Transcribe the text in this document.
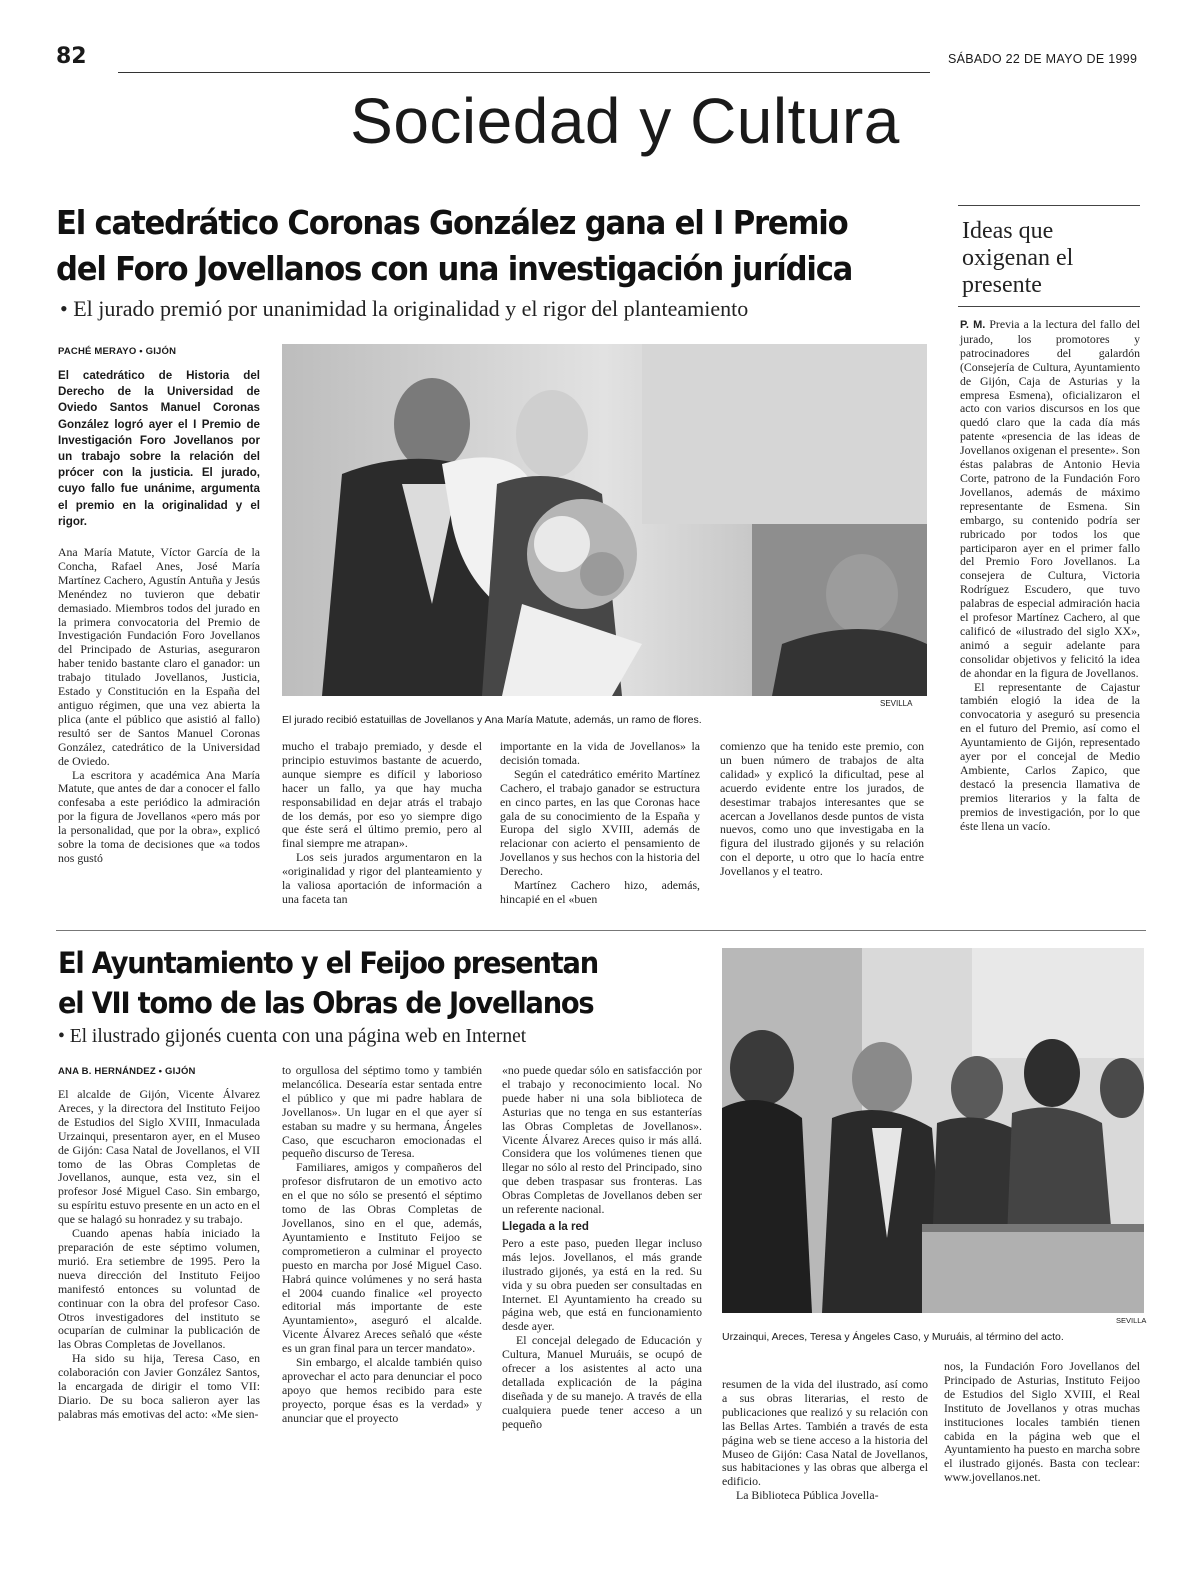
82	SÁBADO 22 DE MAYO DE 1999
Sociedad y Cultura
El catedrático Coronas González gana el I Premio
del Foro Jovellanos con una investigación jurídica
• El jurado premió por unanimidad la originalidad y el rigor del planteamiento
PACHÉ MERAYO • GIJÓN
El catedrático de Historia del Derecho de la Universidad de Oviedo Santos Manuel Coronas González logró ayer el I Premio de Investigación Foro Jovellanos por un trabajo sobre la relación del prócer con la justicia. El jurado, cuyo fallo fue unánime, argumenta el premio en la originalidad y el rigor.
SEVILLA
El jurado recibió estatuillas de Jovellanos y Ana María Matute, además, un ramo de flores.

Ana María Matute, Víctor García de la Concha, Rafael Anes, José María Martínez Cachero, Agustín Antuña y Jesús Menéndez no tuvieron que debatir demasiado. Miembros todos del jurado en la primera convocatoria del Premio de Investigación Fundación Foro Jovellanos del Principado de Asturias, aseguraron haber tenido bastante claro el ganador: un trabajo titulado Jovellanos, Justicia, Estado y Constitución en la España del antiguo régimen, que una vez abierta la plica (ante el público que asistió al fallo) resultó ser de Santos Manuel Coronas González, catedrático de la Universidad de Oviedo.

La escritora y académica Ana María Matute, que antes de dar a conocer el fallo confesaba a este periódico la admiración por la figura de Jovellanos «pero más por la personalidad, que por la obra», explicó sobre la toma de decisiones que «a todos nos gustó

mucho el trabajo premiado, y desde el principio estuvimos bastante de acuerdo, aunque siempre es difícil y laborioso hacer un fallo, ya que hay mucha responsabilidad en dejar atrás el trabajo de los demás, por eso yo siempre digo que éste será el último premio, pero al final siempre me atrapan».

Los seis jurados argumentaron en la «originalidad y rigor del planteamiento y la valiosa aportación de información a una faceta tan

importante en la vida de Jovellanos» la decisión tomada.

Según el catedrático emérito Martínez Cachero, el trabajo ganador se estructura en cinco partes, en las que Coronas hace gala de su conocimiento de la España y Europa del siglo XVIII, además de relacionar con acierto el pensamiento de Jovellanos y sus hechos con la historia del Derecho.

Martínez Cachero hizo, además, hincapié en el «buen

comienzo que ha tenido este premio, con un buen número de trabajos de alta calidad» y explicó la dificultad, pese al acuerdo evidente entre los jurados, de desestimar trabajos interesantes que se acercan a Jovellanos desde puntos de vista nuevos, como uno que investigaba en la figura del ilustrado gijonés y su relación con el deporte, u otro que lo hacía entre Jovellanos y el teatro.

Ideas que oxigenan el presente

P. M. Previa a la lectura del fallo del jurado, los promotores y patrocinadores del galardón (Consejería de Cultura, Ayuntamiento de Gijón, Caja de Asturias y la empresa Esmena), oficializaron el acto con varios discursos en los que quedó claro que la cada día más patente «presencia de las ideas de Jovellanos oxigenan el presente». Son éstas palabras de Antonio Hevia Corte, patrono de la Fundación Foro Jovellanos, además de máximo representante de Esmena. Sin embargo, su contenido podría ser rubricado por todos los que participaron ayer en el primer fallo del Premio Foro Jovellanos. La consejera de Cultura, Victoria Rodríguez Escudero, que tuvo palabras de especial admiración hacia el profesor Martínez Cachero, al que calificó de «ilustrado del siglo XX», animó a seguir adelante para consolidar objetivos y felicitó la idea de ahondar en la figura de Jovellanos.

El representante de Cajastur también elogió la idea de la convocatoria y aseguró su presencia en el futuro del Premio, así como el Ayuntamiento de Gijón, representado ayer por el concejal de Medio Ambiente, Carlos Zapico, que destacó la presencia llamativa de premios literarios y la falta de premios de investigación, por lo que éste llena un vacío.

El Ayuntamiento y el Feijoo presentan
el VII tomo de las Obras de Jovellanos
• El ilustrado gijonés cuenta con una página web en Internet
ANA B. HERNÁNDEZ • GIJÓN

El alcalde de Gijón, Vicente Álvarez Areces, y la directora del Instituto Feijoo de Estudios del Siglo XVIII, Inmaculada Urzainqui, presentaron ayer, en el Museo de Gijón: Casa Natal de Jovellanos, el VII tomo de las Obras Completas de Jovellanos, aunque, esta vez, sin el profesor José Miguel Caso. Sin embargo, su espíritu estuvo presente en un acto en el que se halagó su honradez y su trabajo.

Cuando apenas había iniciado la preparación de este séptimo volumen, murió. Era setiembre de 1995. Pero la nueva dirección del Instituto Feijoo manifestó entonces su voluntad de continuar con la obra del profesor Caso. Otros investigadores del instituto se ocuparían de culminar la publicación de las Obras Completas de Jovellanos.

Ha sido su hija, Teresa Caso, en colaboración con Javier González Santos, la encargada de dirigir el tomo VII: Diario. De su boca salieron ayer las palabras más emotivas del acto: «Me sien-

to orgullosa del séptimo tomo y también melancólica. Desearía estar sentada entre el público y que mi padre hablara de Jovellanos». Un lugar en el que ayer sí estaban su madre y su hermana, Ángeles Caso, que escucharon emocionadas el pequeño discurso de Teresa.

Familiares, amigos y compañeros del profesor disfrutaron de un emotivo acto en el que no sólo se presentó el séptimo tomo de las Obras Completas de Jovellanos, sino en el que, además, Ayuntamiento e Instituto Feijoo se comprometieron a culminar el proyecto puesto en marcha por José Miguel Caso. Habrá quince volúmenes y no será hasta el 2004 cuando finalice «el proyecto editorial más importante de este Ayuntamiento», aseguró el alcalde. Vicente Álvarez Areces señaló que «éste es un gran final para un tercer mandato».

Sin embargo, el alcalde también quiso aprovechar el acto para denunciar el poco apoyo que hemos recibido para este proyecto, porque ésas es la verdad» y anunciar que el proyecto

«no puede quedar sólo en satisfacción por el trabajo y reconocimiento local. No puede haber ni una sola biblioteca de Asturias que no tenga en sus estanterías las Obras Completas de Jovellanos». Vicente Álvarez Areces quiso ir más allá. Considera que los volúmenes tienen que llegar no sólo al resto del Principado, sino que deben traspasar sus fronteras. Las Obras Completas de Jovellanos deben ser un referente nacional.

Llegada a la red

Pero a este paso, pueden llegar incluso más lejos. Jovellanos, el más grande ilustrado gijonés, ya está en la red. Su vida y su obra pueden ser consultadas en Internet. El Ayuntamiento ha creado su página web, que está en funcionamiento desde ayer.

El concejal delegado de Educación y Cultura, Manuel Muruáis, se ocupó de ofrecer a los asistentes al acto una detallada explicación de la página diseñada y de su manejo. A través de ella cualquiera puede tener acceso a un pequeño

SEVILLA
Urzainqui, Areces, Teresa y Ángeles Caso, y Muruáis, al término del acto.

resumen de la vida del ilustrado, así como a sus obras literarias, el resto de publicaciones que realizó y su relación con las Bellas Artes. También a través de esta página web se tiene acceso a la historia del Museo de Gijón: Casa Natal de Jovellanos, sus habitaciones y las obras que alberga el edificio.

La Biblioteca Pública Jovella-

nos, la Fundación Foro Jovellanos del Principado de Asturias, Instituto Feijoo de Estudios del Siglo XVIII, el Real Instituto de Jovellanos y otras muchas instituciones locales también tienen cabida en la página web que el Ayuntamiento ha puesto en marcha sobre el ilustrado gijonés. Basta con teclear: www.jovellanos.net.
